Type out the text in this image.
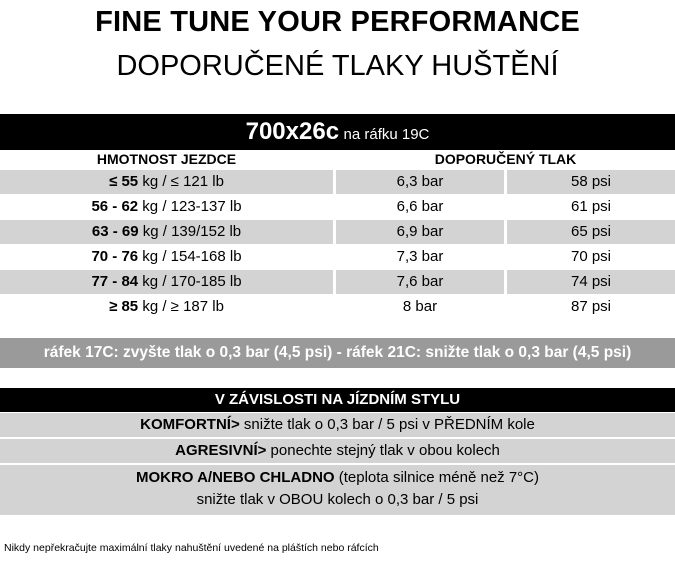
FINE TUNE YOUR PERFORMANCE
DOPORUČENÉ TLAKY HUŠTĚNÍ
700x26c na ráfku 19C
HMOTNOST JEZDCE	DOPORUČENÝ TLAK
≤ 55 kg / ≤ 121 lb	6,3 bar	58 psi
56 - 62 kg / 123-137 lb	6,6 bar	61 psi
63 - 69 kg / 139/152 lb	6,9 bar	65 psi
70 - 76 kg / 154-168 lb	7,3 bar	70 psi
77 - 84 kg / 170-185 lb	7,6 bar	74 psi
≥ 85 kg / ≥ 187 lb	8 bar	87 psi
ráfek 17C: zvyšte tlak o 0,3 bar (4,5 psi) - ráfek 21C: snižte tlak o 0,3 bar (4,5 psi)
V ZÁVISLOSTI NA JÍZDNÍM STYLU
KOMFORTNÍ> snižte tlak o 0,3 bar / 5 psi v PŘEDNÍM kole
AGRESIVNÍ> ponechte stejný tlak v obou kolech
MOKRO A/NEBO CHLADNO (teplota silnice méně než 7°C)
snižte tlak v OBOU kolech o 0,3 bar / 5 psi
Nikdy nepřekračujte maximální tlaky nahuštění uvedené na pláštích nebo ráfcích
